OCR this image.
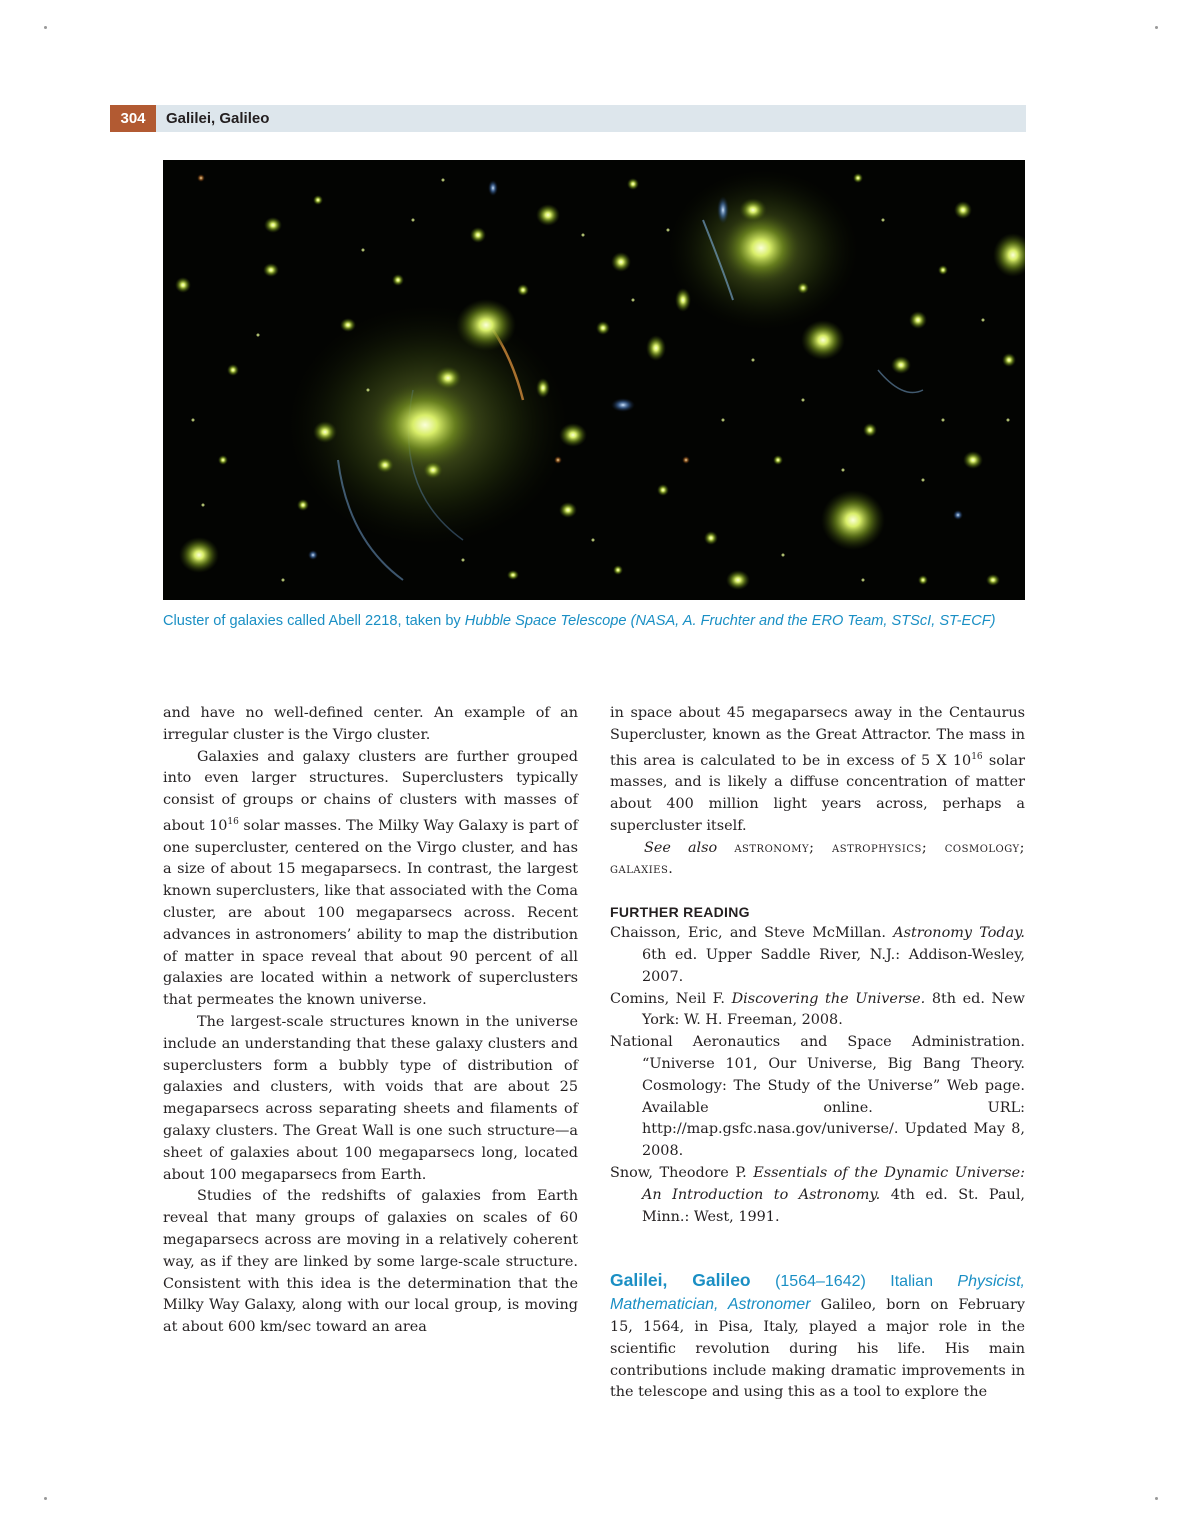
304	Galilei, Galileo
Cluster of galaxies called Abell 2218, taken by Hubble Space Telescope (NASA, A. Fruchter and the ERO Team, STScI, ST-ECF)

and have no well-defined center. An example of an irregular cluster is the Virgo cluster.

Galaxies and galaxy clusters are further grouped into even larger structures. Superclusters typically consist of groups or chains of clusters with masses of about $10^{16}$ solar masses. The Milky Way Galaxy is part of one supercluster, centered on the Virgo cluster, and has a size of about 15 megaparsecs. In contrast, the largest known superclusters, like that associated with the Coma cluster, are about 100 megaparsecs across. Recent advances in astronomers’ ability to map the distribution of matter in space reveal that about 90 percent of all galaxies are located within a network of superclusters that permeates the known universe.

The largest-scale structures known in the universe include an understanding that these galaxy clusters and superclusters form a bubbly type of distribution of galaxies and clusters, with voids that are about 25 megaparsecs across separating sheets and filaments of galaxy clusters. The Great Wall is one such structure—a sheet of galaxies about 100 megaparsecs long, located about 100 megaparsecs from Earth.

Studies of the redshifts of galaxies from Earth reveal that many groups of galaxies on scales of 60 megaparsecs across are moving in a relatively coherent way, as if they are linked by some large-scale structure. Consistent with this idea is the determination that the Milky Way Galaxy, along with our local group, is moving at about 600 km/sec toward an area

in space about 45 megaparsecs away in the Centaurus Supercluster, known as the Great Attractor. The mass in this area is calculated to be in excess of 5 X $10^{16}$ solar masses, and is likely a diffuse concentration of matter about 400 million light years across, perhaps a supercluster itself.

See also astronomy; astrophysics; cosmology; galaxies.

FURTHER READING

Chaisson, Eric, and Steve McMillan. Astronomy Today. 6th ed. Upper Saddle River, N.J.: Addison-Wesley, 2007.

Comins, Neil F. Discovering the Universe. 8th ed. New York: W. H. Freeman, 2008.

National Aeronautics and Space Administration. “Universe 101, Our Universe, Big Bang Theory. Cosmology: The Study of the Universe” Web page. Available online. URL: http://map.gsfc.nasa.gov/universe/. Updated May 8, 2008.

Snow, Theodore P. Essentials of the Dynamic Universe: An Introduction to Astronomy. 4th ed. St. Paul, Minn.: West, 1991.

Galilei, Galileo (1564–1642) Italian Physicist, Mathematician, Astronomer Galileo, born on February 15, 1564, in Pisa, Italy, played a major role in the scientific revolution during his life. His main contributions include making dramatic improvements in the telescope and using this as a tool to explore the
